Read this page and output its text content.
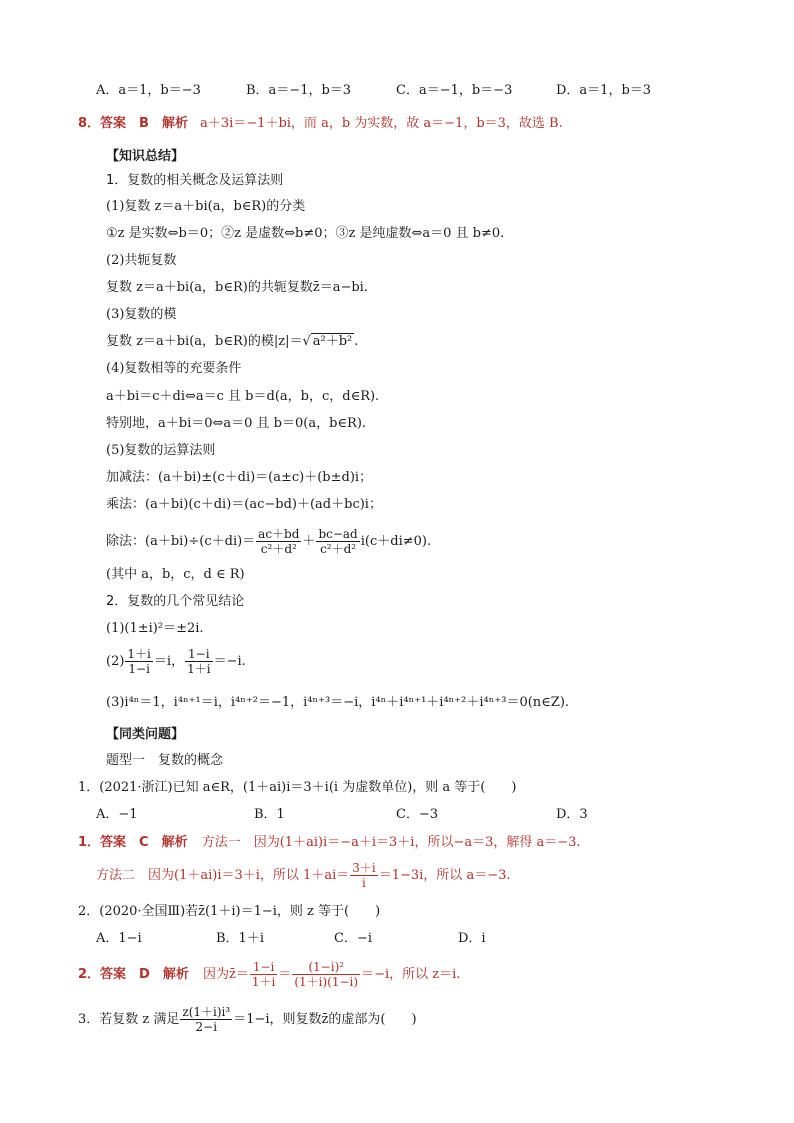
A．a＝1，b＝−3	B．a＝−1，b＝3	C．a＝−1，b＝−3	D．a＝1，b＝3
8．答案　B　解析 a＋3i＝−1＋bi，而 a，b 为实数，故 a＝−1，b＝3，故选 B.
【知识总结】
1．复数的相关概念及运算法则
(1)复数 z＝a＋bi(a，b∈R)的分类
①z 是实数⇔b＝0；②z 是虚数⇔b≠0；③z 是纯虚数⇔a＝0 且 b≠0.
(2)共轭复数
复数 z＝a＋bi(a，b∈R)的共轭复数z̄＝a−bi.
(3)复数的模
复数 z＝a＋bi(a，b∈R)的模|z|＝√ a²＋b² .
(4)复数相等的充要条件
a＋bi＝c＋di⇔a＝c 且 b＝d(a，b，c，d∈R).
特别地，a＋bi＝0⇔a＝0 且 b＝0(a，b∈R).
(5)复数的运算法则
加减法：(a＋bi)±(c＋di)＝(a±c)＋(b±d)i；
乘法：(a＋bi)(c＋di)＝(ac−bd)＋(ad＋bc)i；
除法：$(a+bi)\div(c+di)= \frac{ac+bd}{\text{c²＋d²}} + \frac{bc-ad}{\text{c²＋d²}} i(c+di\ne 0)$.
(其中 a，b，c，d ∈ R)
2．复数的几个常见结论
(1)(1±i)²＝±2i.
$(2) \frac{1+i}{1-i} =i$， $\frac{1-i}{1+i} =-i$.
(3)i⁴ⁿ＝1，i⁴ⁿ⁺¹＝i，i⁴ⁿ⁺²＝−1，i⁴ⁿ⁺³＝−i，i⁴ⁿ＋i⁴ⁿ⁺¹＋i⁴ⁿ⁺²＋i⁴ⁿ⁺³＝0(n∈Z).
【同类问题】
题型一　复数的概念
1．(2021·浙江)已知 a∈R，(1＋ai)i＝3＋i(i 为虚数单位)，则 a 等于(　　)
A．−1	B．1	C．−3	D．3
1．答案　C　解析 方法一　因为(1＋ai)i＝−a＋i＝3＋i，所以−a＝3，解得 a＝−3.
方法二　因为(1＋ai)i＝3＋i，所以 $1+ai= \frac{3+i}{i} =1-3i$，所以 a＝−3.
2．(2020·全国Ⅲ)若z̄(1＋i)＝1−i，则 z 等于(　　)
A．1−i	B．1＋i	C．−i	D．i
2．答案　D　解析 因为z̄＝ $\frac{1-i}{1+i} = \frac{\text{(1−i)²}}{(1+i)(1-i)} =-i$，所以 z＝i.
3．若复数 z 满足 $\frac{\text{z(1＋i)i³}}{2-i} =1-i$，则复数z̄的虚部为(　　)
